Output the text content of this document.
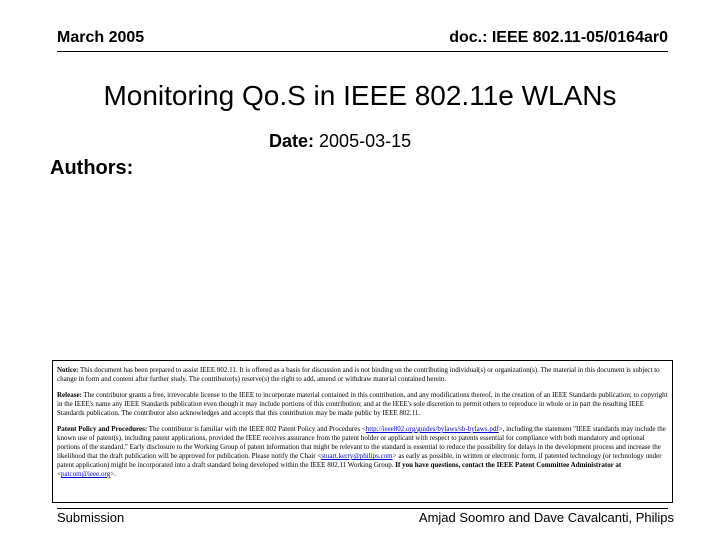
March 2005	doc.: IEEE 802.11-05/0164ar0
Monitoring Qo.S in IEEE 802.11e WLANs
Date: 2005-03-15
Authors:

Notice: This document has been prepared to assist IEEE 802.11. It is offered as a basis for discussion and is not binding on the contributing individual(s) or organization(s). The material in this document is subject to change in form and content after further study. The contributor(s) reserve(s) the right to add, amend or withdraw material contained herein.

Release: The contributor grants a free, irrevocable license to the IEEE to incorporate material contained in this contribution, and any modifications thereof, in the creation of an IEEE Standards publication; to copyright in the IEEE's name any IEEE Standards publication even though it may include portions of this contribution; and at the IEEE's sole discretion to permit others to reproduce in whole or in part the resulting IEEE Standards publication. The contributor also acknowledges and accepts that this contribution may be made public by IEEE 802.11.

Patent Policy and Procedures: The contributor is familiar with the IEEE 802 Patent Policy and Procedures <http://ieee802.org/guides/bylaws/sb-bylaws.pdf>, including the statement "IEEE standards may include the known use of patent(s), including patent applications, provided the IEEE receives assurance from the patent holder or applicant with respect to patents essential for compliance with both mandatory and optional portions of the standard." Early disclosure to the Working Group of patent information that might be relevant to the standard is essential to reduce the possibility for delays in the development process and increase the likelihood that the draft publication will be approved for publication. Please notify the Chair <stuart.kerry@philips.com> as early as possible, in written or electronic form, if patented technology (or technology under patent application) might be incorporated into a draft standard being developed within the IEEE 802.11 Working Group. If you have questions, contact the IEEE Patent Committee Administrator at <patcom@ieee.org>.

Submission	Amjad Soomro and Dave Cavalcanti, Philips
